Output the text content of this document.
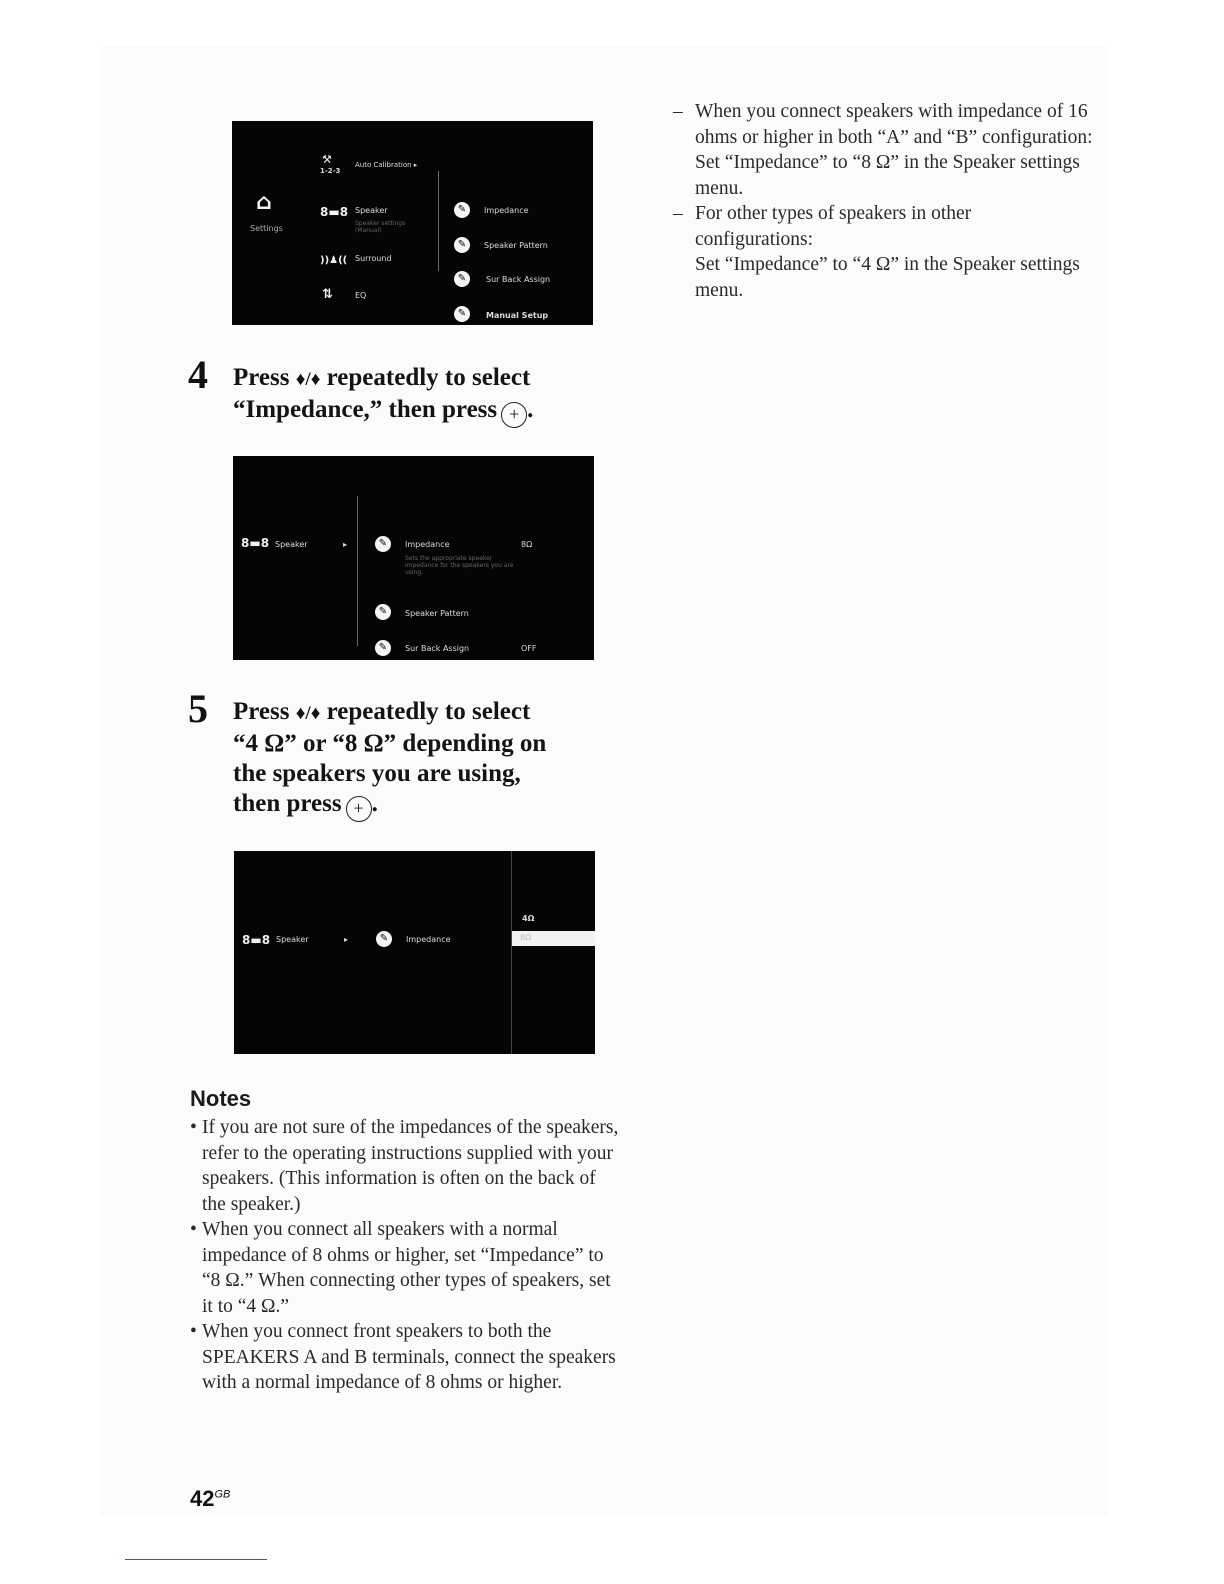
⌂
Settings
⚒
1-2-3
Auto Calibration ▸
8▬8 Speaker
Speaker settings (Manual)
))♟(( Surround
⇅	EQ
✎	Impedance
✎	Speaker Pattern
✎	Sur Back Assign
✎	Manual Setup
4 Press ♦/♦ repeatedly to select
“Impedance,” then press + .
8▬8 Speaker	▸	✎	Impedance	8Ω
Sets the appropriate speaker impedance for the speakers you are using.
✎	Speaker Pattern
✎	Sur Back Assign	OFF
5 Press ♦/♦ repeatedly to select
“4 Ω” or “8 Ω” depending on
the speakers you are using,
then press + .
8▬8 Speaker	▸	✎	Impedance
4Ω
8Ω
– When you connect speakers with impedance of 16 ohms or higher in both “A” and “B” configuration:
Set “Impedance” to “8 Ω” in the Speaker settings menu.
– For other types of speakers in other configurations:
Set “Impedance” to “4 Ω” in the Speaker settings menu.
Notes
• If you are not sure of the impedances of the speakers, refer to the operating instructions supplied with your speakers. (This information is often on the back of the speaker.)
• When you connect all speakers with a normal impedance of 8 ohms or higher, set “Impedance” to “8 Ω.” When connecting other types of speakers, set it to “4 Ω.”
• When you connect front speakers to both the SPEAKERS A and B terminals, connect the speakers with a normal impedance of 8 ohms or higher.
$42^{GB}$
